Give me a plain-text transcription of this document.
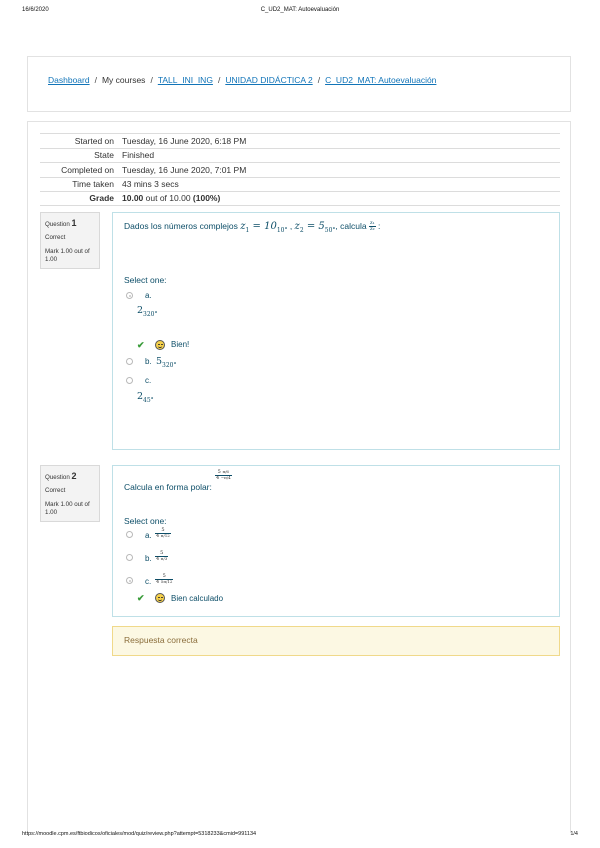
16/6/2020	C_UD2_MAT: Autoevaluación
Dashboard / My courses / TALL_INI_ING / UNIDAD DIDÁCTICA 2 / C_UD2_MAT: Autoevaluación
Started on Tuesday, 16 June 2020, 6:18 PM
State Finished
Completed on Tuesday, 16 June 2020, 7:01 PM
Time taken 43 mins 3 secs
Grade 10.00 out of 10.00 (100%)
Question 1
Correct
Mark 1.00 out of 1.00
Dados los números complejos $z_1 = 10_{10^\circ}$ , $z_2 = 5_{50^\circ}$, calcula $\frac{\text{z₁}}{\text{z₂}}$ :
Select one:
a.
$2_{320^\circ}$
✔	Bien!
b. $5_{320^\circ}$
c.
$2_{45^\circ}$
Question 2
Correct
Mark 1.00 out of 1.00
Calcula en forma polar:
$\frac{5 \pi/6}{4 -\pi/4}$
Select one:
a. $\frac{5}{4 \pi/12}$
b. $\frac{5}{4 \pi/3}$
c. $\frac{5}{4 5\pi/12}$
✔	Bien calculado
Respuesta correcta
https://moodle.cpm.es/ftbiodicos/oficiales/mod/quiz/review.php?attempt=5318233&cmid=991134	1/4
